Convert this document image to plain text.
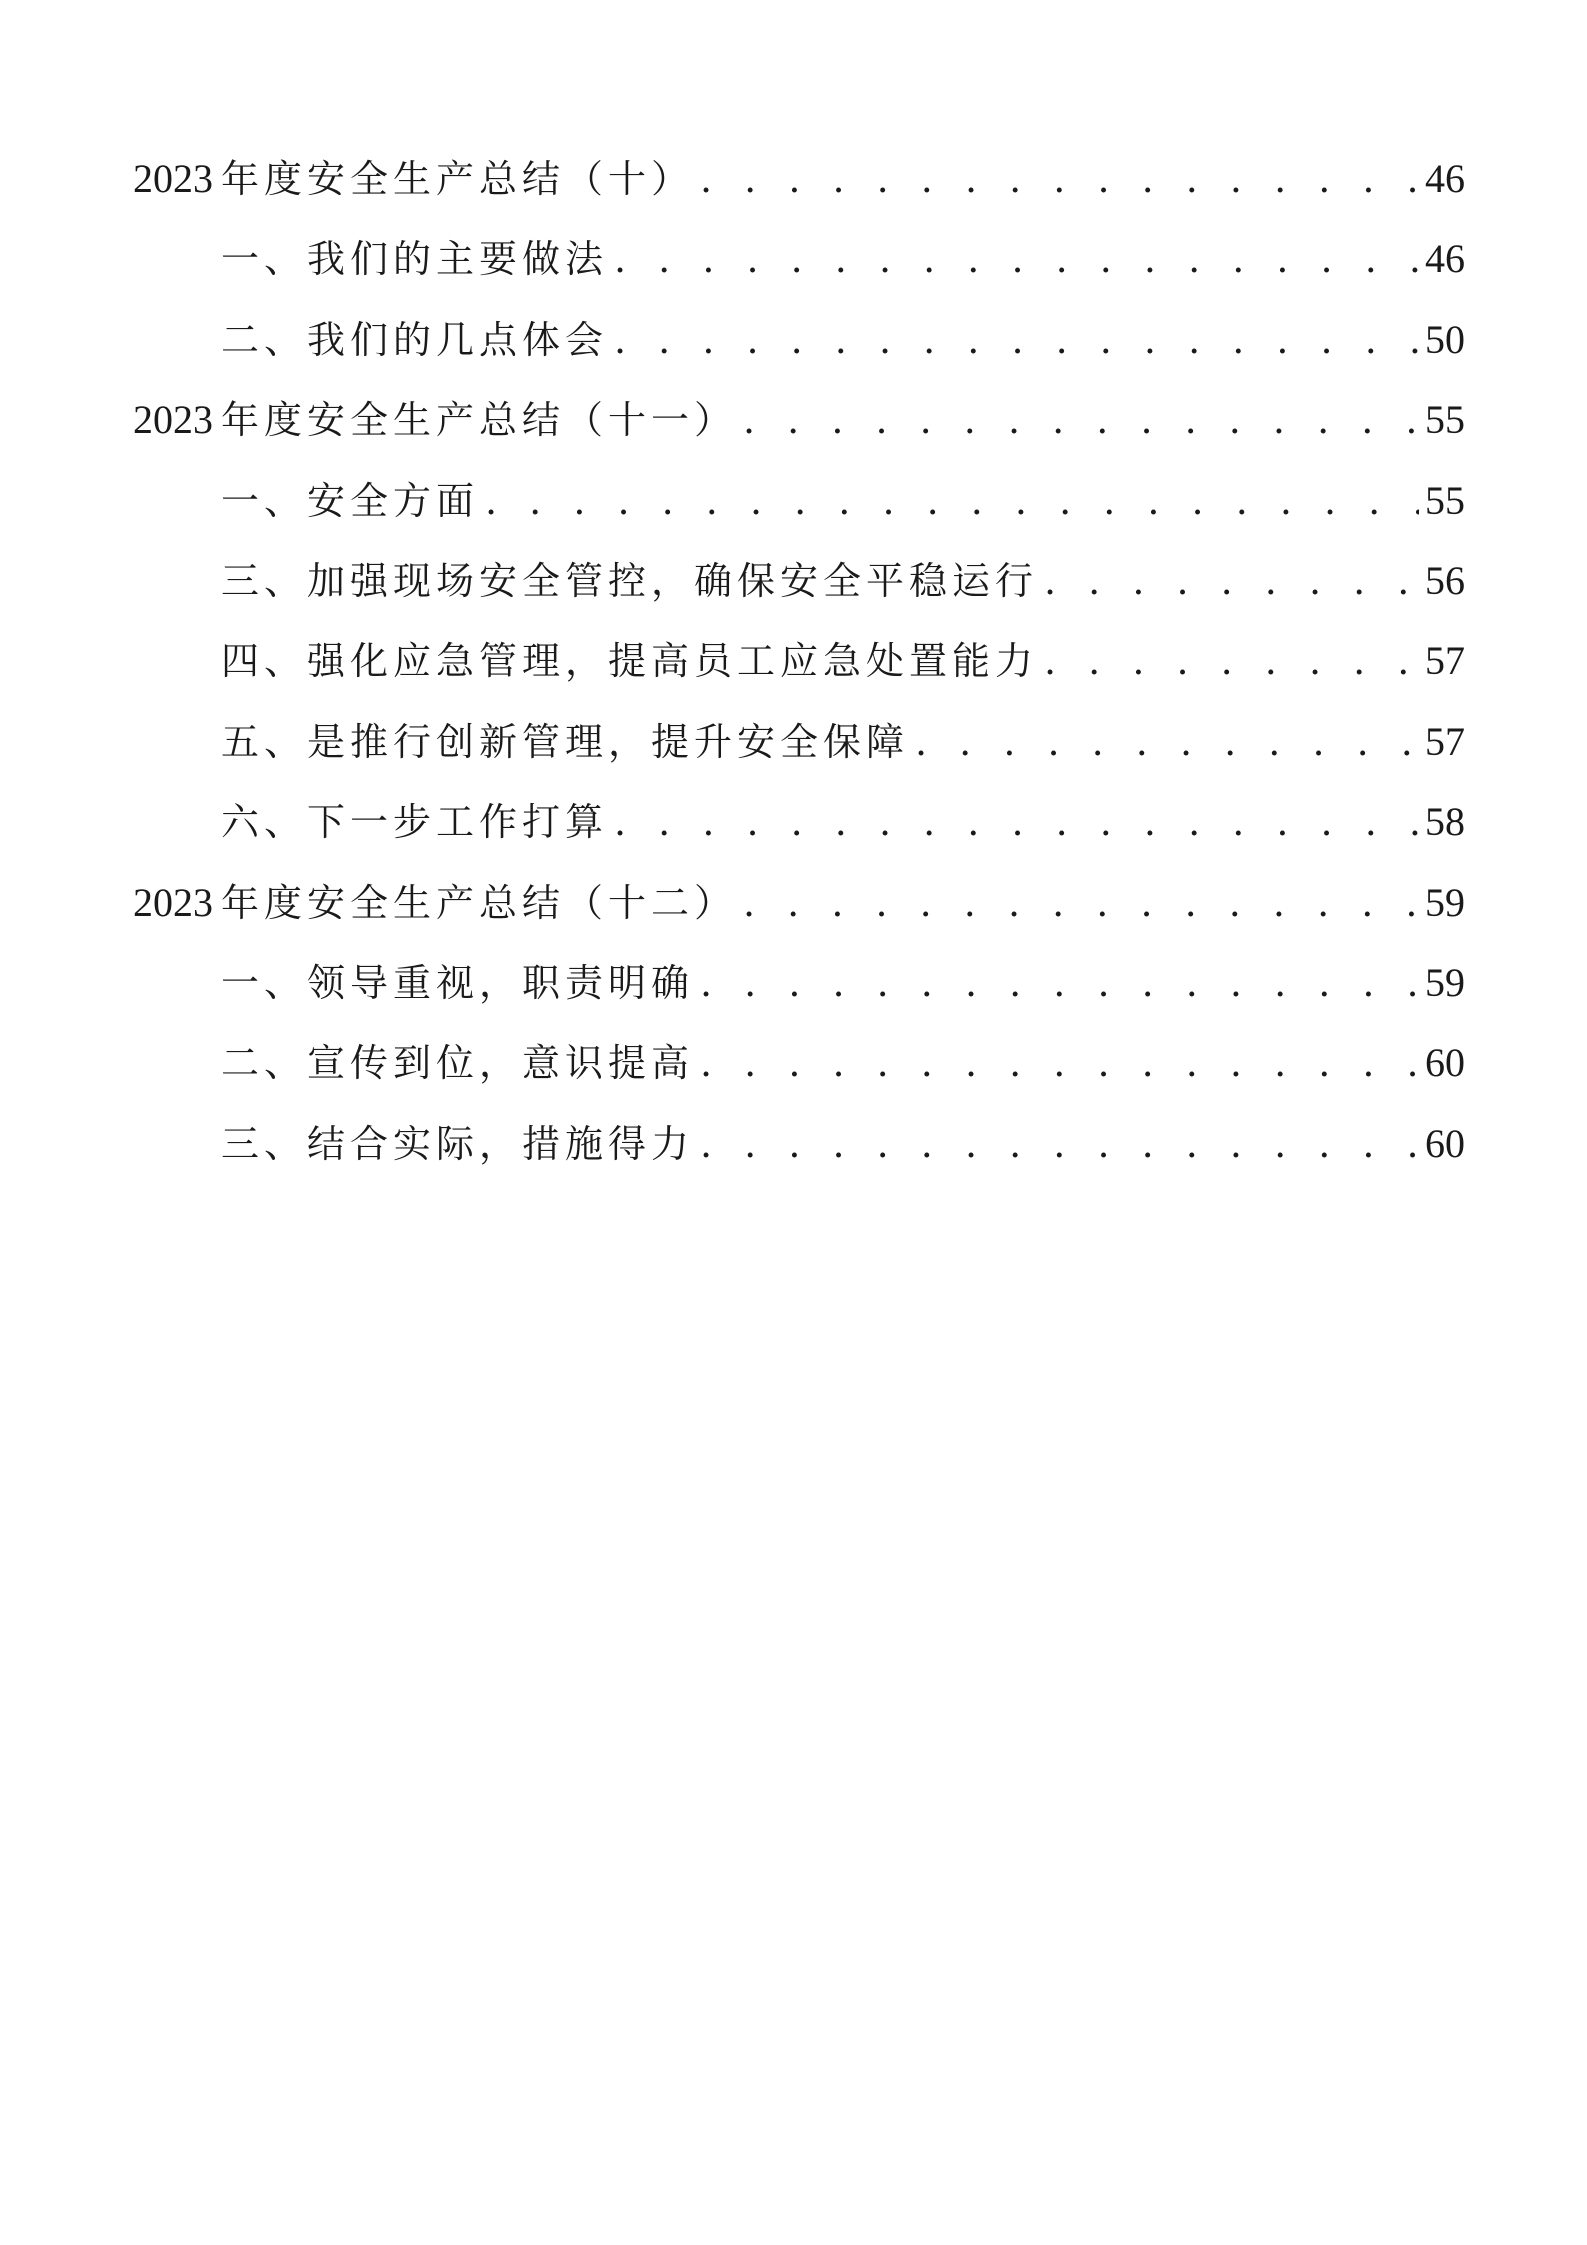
2023 年度安全生产总结（十） . . .	46
一、我们的主要做法 . . .	46
二、我们的几点体会 . . .	50
2023 年度安全生产总结（十一） . . .	55
一、安全方面 . . .	55
三、加强现场安全管控，确保安全平稳运行 . . .	56
四、强化应急管理，提高员工应急处置能力 . . .	57
五、是推行创新管理，提升安全保障 . . .	57
六、下一步工作打算 . . .	58
2023 年度安全生产总结（十二） . . .	59
一、领导重视，职责明确 . . .	59
二、宣传到位，意识提高 . . .	60
三、结合实际，措施得力 . . .	60
